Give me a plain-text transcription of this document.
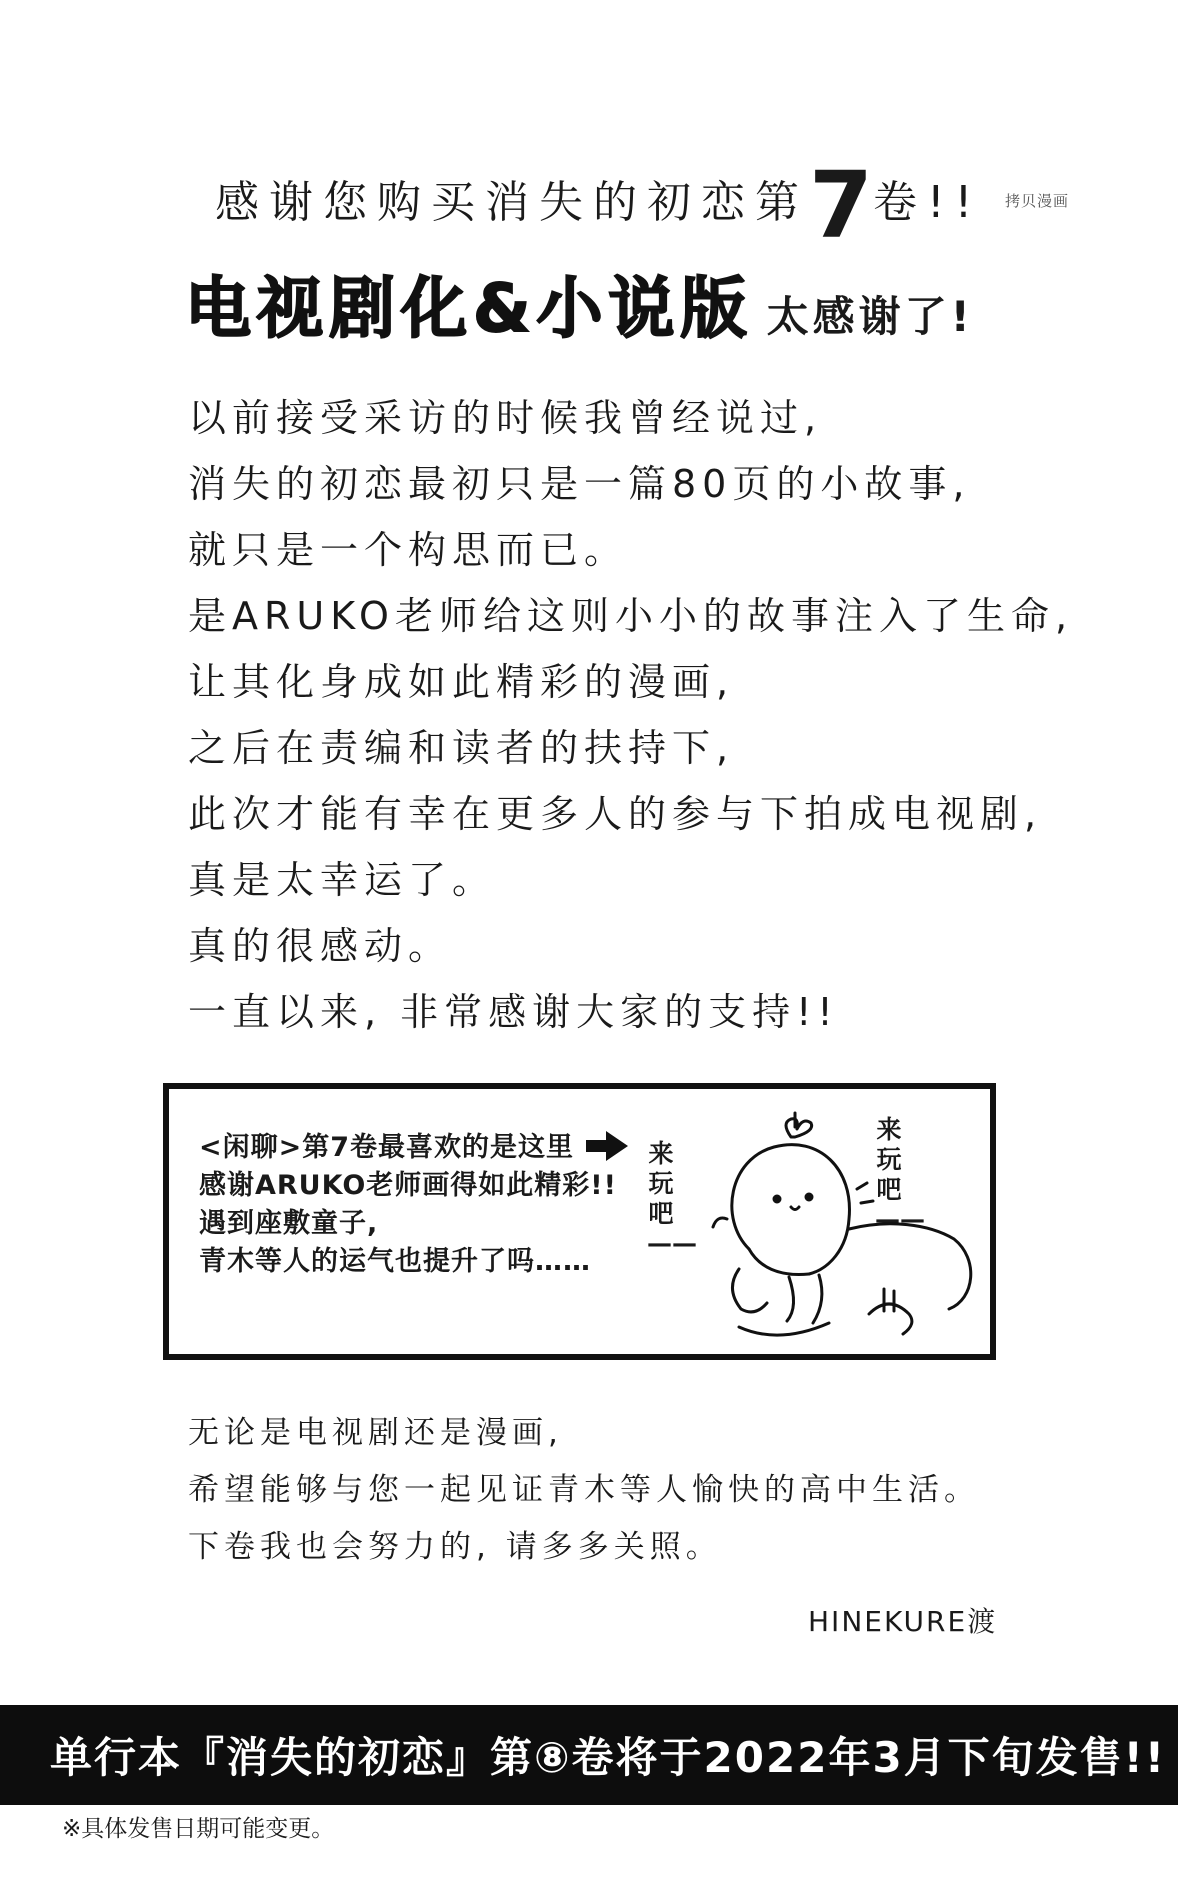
感谢您购买消失的初恋第7卷!! 拷贝漫画
电视剧化&小说版 太感谢了!
以前接受采访的时候我曾经说过,
消失的初恋最初只是一篇80页的小故事,
就只是一个构思而已。
是ARUKO老师给这则小小的故事注入了生命,
让其化身成如此精彩的漫画,
之后在责编和读者的扶持下,
此次才能有幸在更多人的参与下拍成电视剧,
真是太幸运了。
真的很感动。
一直以来, 非常感谢大家的支持!!
<闲聊>第7卷最喜欢的是这里
感谢ARUKO老师画得如此精彩!!
遇到座敷童子,
青木等人的运气也提升了吗……
来玩吧——
来玩吧——
无论是电视剧还是漫画,
希望能够与您一起见证青木等人愉快的高中生活。
下卷我也会努力的, 请多多关照。
HINEKURE渡
单行本『消失的初恋』第⑧卷将于2022年3月下旬发售!!
※具体发售日期可能变更。
